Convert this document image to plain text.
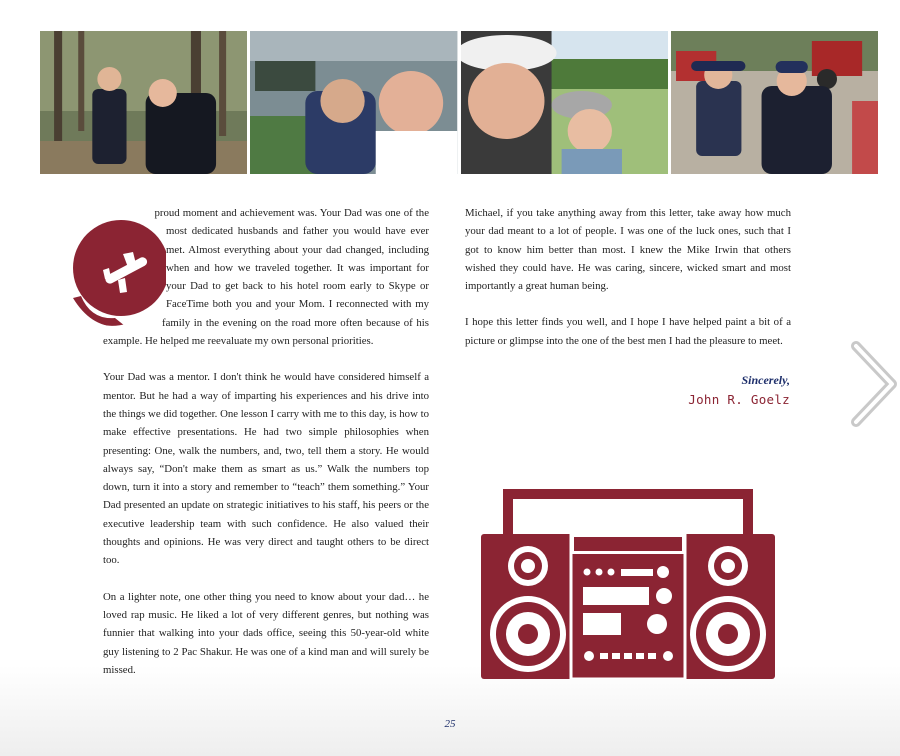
proud moment and achievement was. Your Dad was one of the most dedicated husbands and father you would have ever met. Almost everything about your dad changed, including when and how we traveled together. It was important for your Dad to get back to his hotel room early to Skype or FaceTime both you and your Mom. I reconnected with my family in the evening on the road more often because of his example. He helped me reevaluate my own personal priorities.

Your Dad was a mentor. I don't think he would have considered himself a mentor. But he had a way of imparting his experiences and his drive into the things we did together. One lesson I carry with me to this day, is how to make effective presentations. He had two simple philosophies when presenting: One, walk the numbers, and, two, tell them a story. He would always say, “Don't make them as smart as us.” Walk the numbers top down, turn it into a story and remember to “teach” them something.” Your Dad presented an update on strategic initiatives to his staff, his peers or the executive leadership team with such confidence. He also valued their thoughts and opinions. He was very direct and taught others to be direct too.

On a lighter note, one other thing you need to know about your dad… he loved rap music. He liked a lot of very different genres, but nothing was funnier that walking into your dads office, seeing this 50-year-old white guy listening to 2 Pac Shakur. He was one of a kind man and will surely be missed.

Michael, if you take anything away from this letter, take away how much your dad meant to a lot of people. I was one of the luck ones, such that I got to know him better than most. I knew the Mike Irwin that others wished they could have. He was caring, sincere, wicked smart and most importantly a great human being.

I hope this letter finds you well, and I hope I have helped paint a bit of a picture or glimpse into the one of the best men I had the pleasure to meet.

Sincerely,
John R. Goelz
25
